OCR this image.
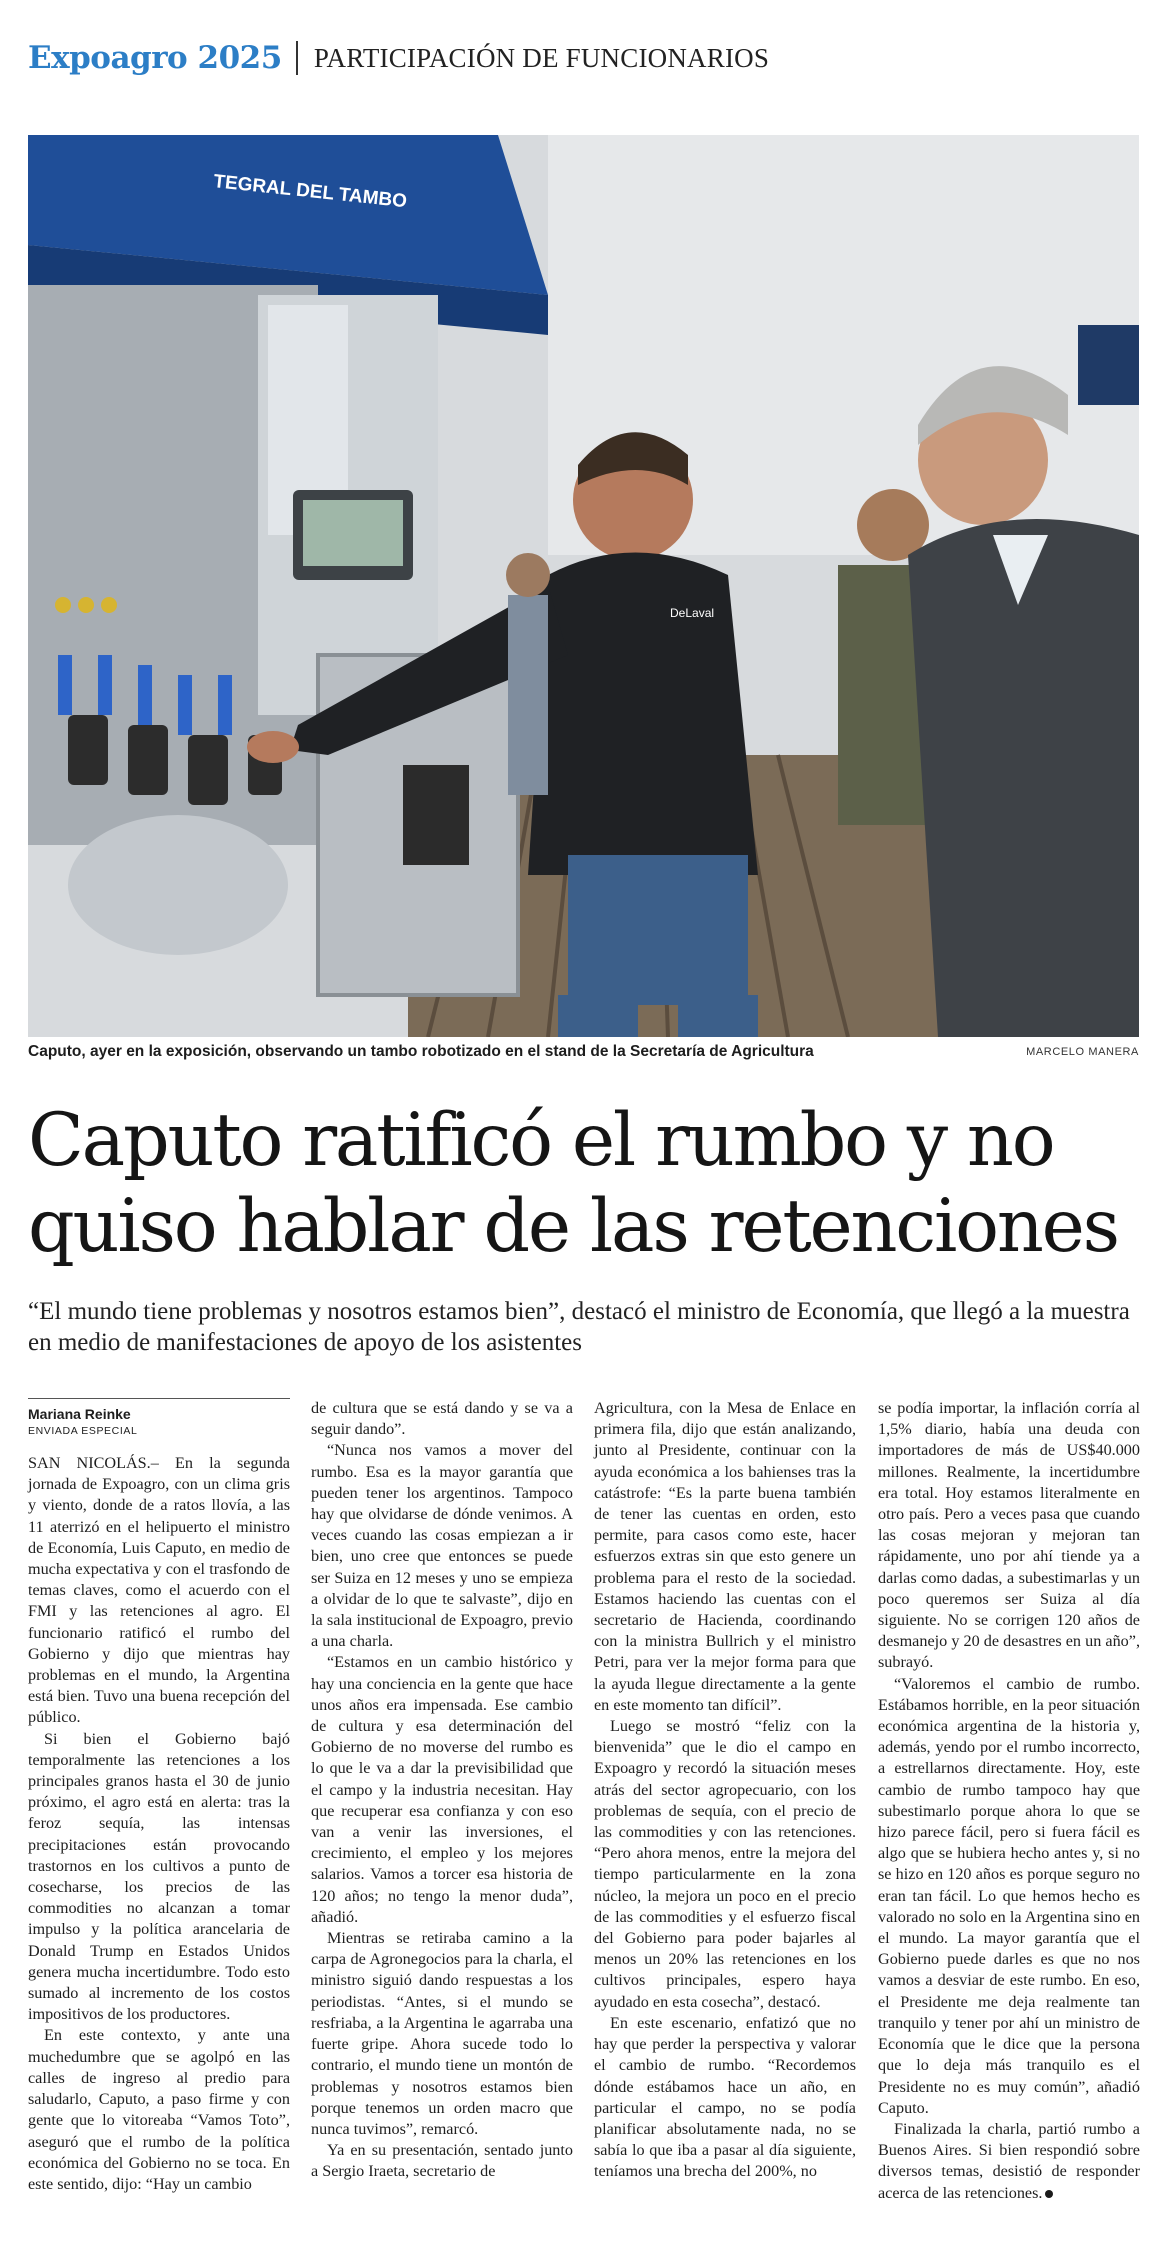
Expoagro 2025 PARTICIPACIÓN DE FUNCIONARIOS
TEGRAL DEL TAMBO
DeLaval
Caputo, ayer en la exposición, observando un tambo robotizado en el stand de la Secretaría de Agricultura	MARCELO MANERA
Caputo ratificó el rumbo y no quiso hablar de las retenciones

“El mundo tiene problemas y nosotros estamos bien”, destacó el ministro de Economía, que llegó a la muestra en medio de manifestaciones de apoyo de los asistentes

Mariana Reinke
ENVIADA ESPECIAL

SAN NICOLÁS.– En la segunda jornada de Expoagro, con un clima gris y viento, donde de a ratos llovía, a las 11 aterrizó en el helipuerto el ministro de Economía, Luis Caputo, en medio de mucha expectativa y con el trasfondo de temas claves, como el acuerdo con el FMI y las retenciones al agro. El funcionario ratificó el rumbo del Gobierno y dijo que mientras hay problemas en el mundo, la Argentina está bien. Tuvo una buena recepción del público.

Si bien el Gobierno bajó temporalmente las retenciones a los principales granos hasta el 30 de junio próximo, el agro está en alerta: tras la feroz sequía, las intensas precipitaciones están provocando trastornos en los cultivos a punto de cosecharse, los precios de las commodities no alcanzan a tomar impulso y la política arancelaria de Donald Trump en Estados Unidos genera mucha incertidumbre. Todo esto sumado al incremento de los costos impositivos de los productores.

En este contexto, y ante una muchedumbre que se agolpó en las calles de ingreso al predio para saludarlo, Caputo, a paso firme y con gente que lo vitoreaba “Vamos Toto”, aseguró que el rumbo de la política económica del Gobierno no se toca. En este sentido, dijo: “Hay un cambio

de cultura que se está dando y se va a seguir dando”.

“Nunca nos vamos a mover del rumbo. Esa es la mayor garantía que pueden tener los argentinos. Tampoco hay que olvidarse de dónde venimos. A veces cuando las cosas empiezan a ir bien, uno cree que entonces se puede ser Suiza en 12 meses y uno se empieza a olvidar de lo que te salvaste”, dijo en la sala institucional de Expoagro, previo a una charla.

“Estamos en un cambio histórico y hay una conciencia en la gente que hace unos años era impensada. Ese cambio de cultura y esa determinación del Gobierno de no moverse del rumbo es lo que le va a dar la previsibilidad que el campo y la industria necesitan. Hay que recuperar esa confianza y con eso van a venir las inversiones, el crecimiento, el empleo y los mejores salarios. Vamos a torcer esa historia de 120 años; no tengo la menor duda”, añadió.

Mientras se retiraba camino a la carpa de Agronegocios para la charla, el ministro siguió dando respuestas a los periodistas. “Antes, si el mundo se resfriaba, a la Argentina le agarraba una fuerte gripe. Ahora sucede todo lo contrario, el mundo tiene un montón de problemas y nosotros estamos bien porque tenemos un orden macro que nunca tuvimos”, remarcó.

Ya en su presentación, sentado junto a Sergio Iraeta, secretario de

Agricultura, con la Mesa de Enlace en primera fila, dijo que están analizando, junto al Presidente, continuar con la ayuda económica a los bahienses tras la catástrofe: “Es la parte buena también de tener las cuentas en orden, esto permite, para casos como este, hacer esfuerzos extras sin que esto genere un problema para el resto de la sociedad. Estamos haciendo las cuentas con el secretario de Hacienda, coordinando con la ministra Bullrich y el ministro Petri, para ver la mejor forma para que la ayuda llegue directamente a la gente en este momento tan difícil”.

Luego se mostró “feliz con la bienvenida” que le dio el campo en Expoagro y recordó la situación meses atrás del sector agropecuario, con los problemas de sequía, con el precio de las commodities y con las retenciones. “Pero ahora menos, entre la mejora del tiempo particularmente en la zona núcleo, la mejora un poco en el precio de las commodities y el esfuerzo fiscal del Gobierno para poder bajarles al menos un 20% las retenciones en los cultivos principales, espero haya ayudado en esta cosecha”, destacó.

En este escenario, enfatizó que no hay que perder la perspectiva y valorar el cambio de rumbo. “Recordemos dónde estábamos hace un año, en particular el campo, no se podía planificar absolutamente nada, no se sabía lo que iba a pasar al día siguiente, teníamos una brecha del 200%, no

se podía importar, la inflación corría al 1,5% diario, había una deuda con importadores de más de US$40.000 millones. Realmente, la incertidumbre era total. Hoy estamos literalmente en otro país. Pero a veces pasa que cuando las cosas mejoran y mejoran tan rápidamente, uno por ahí tiende ya a darlas como dadas, a subestimarlas y un poco queremos ser Suiza al día siguiente. No se corrigen 120 años de desmanejo y 20 de desastres en un año”, subrayó.

“Valoremos el cambio de rumbo. Estábamos horrible, en la peor situación económica argentina de la historia y, además, yendo por el rumbo incorrecto, a estrellarnos directamente. Hoy, este cambio de rumbo tampoco hay que subestimarlo porque ahora lo que se hizo parece fácil, pero si fuera fácil es algo que se hubiera hecho antes y, si no se hizo en 120 años es porque seguro no eran tan fácil. Lo que hemos hecho es valorado no solo en la Argentina sino en el mundo. La mayor garantía que el Gobierno puede darles es que no nos vamos a desviar de este rumbo. En eso, el Presidente me deja realmente tan tranquilo y tener por ahí un ministro de Economía que le dice que la persona que lo deja más tranquilo es el Presidente no es muy común”, añadió Caputo.

Finalizada la charla, partió rumbo a Buenos Aires. Si bien respondió sobre diversos temas, desistió de responder acerca de las retenciones.
